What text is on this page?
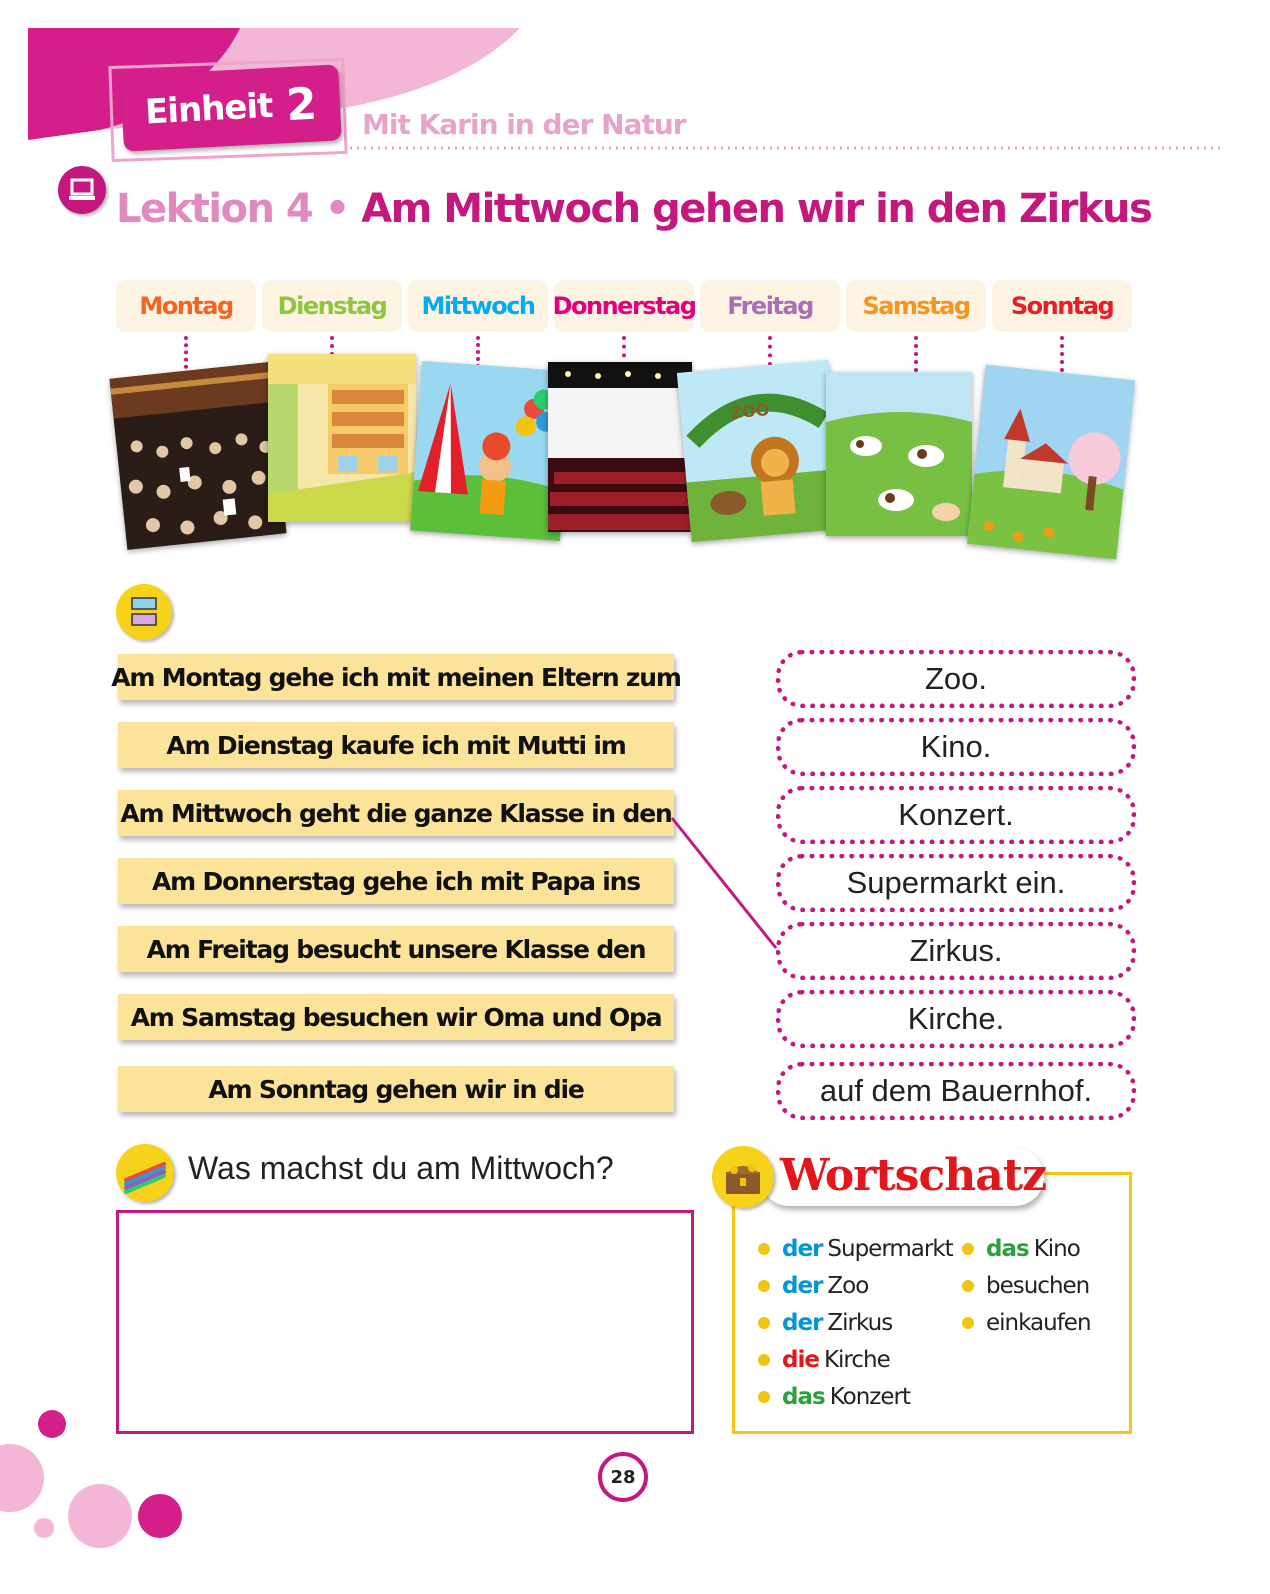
Einheit 2 Mit Karin in der Natur
Lektion 4 • Am Mittwoch gehen wir in den Zirkus
Montag Dienstag Mittwoch Donnerstag Freitag Samstag Sonntag
ZOO
Am Montag gehe ich mit meinen Eltern zum
Am Dienstag kaufe ich mit Mutti im
Am Mittwoch geht die ganze Klasse in den
Am Donnerstag gehe ich mit Papa ins
Am Freitag besucht unsere Klasse den
Am Samstag besuchen wir Oma und Opa
Am Sonntag gehen wir in die
Zoo.
Kino.
Konzert.
Supermarkt ein.
Zirkus.
Kirche.
auf dem Bauernhof.
Was machst du am Mittwoch?	Wortschatz
der Supermarkt
der Zoo
der Zirkus
die Kirche
das Konzert
das Kino
besuchen
einkaufen
28
